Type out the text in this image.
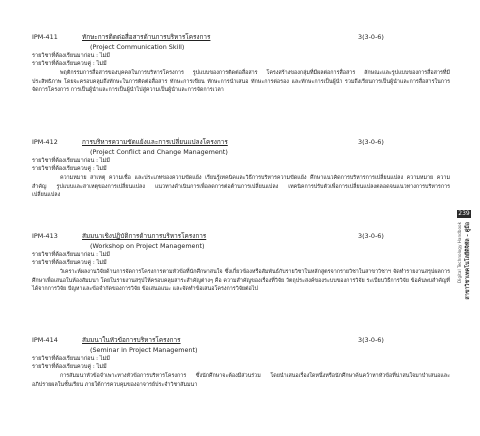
IPM-411	ทักษะการติดต่อสื่อสารด้านการบริหารโครงการ	3(3-0-6)
(Project Communication Skill)
รายวิชาที่ต้องเรียนมาก่อน : ไม่มี
รายวิชาที่ต้องเรียนควบคู่ : ไม่มี
พฤติกรรมการสื่อสารของบุคคลในการบริหารโครงการ รูปแบบของการติดต่อสื่อสาร โครงสร้างของกลุ่มที่มีผลต่อการสื่อสาร ลักษณะและรูปแบบของการสื่อสารที่มีประสิทธิภาพ โดยจะครอบคลุมถึงทักษะในการติดต่อสื่อสาร ทักษะการเขียน ทักษะการนำเสนอ ทักษะการต่อรอง และทักษะการเป็นผู้นำ รวมถึงเรียนการเป็นผู้นำและการสื่อสารในการจัดการโครงการ การเป็นผู้นำและการเป็นผู้นำไปสู่ความเป็นผู้นำและการจัดการเวลา
IPM-412	การบริหารความขัดแย้งและการเปลี่ยนแปลงโครงการ	3(3-0-6)
(Project Conflict and Change Management)
รายวิชาที่ต้องเรียนมาก่อน : ไม่มี
รายวิชาที่ต้องเรียนควบคู่ : ไม่มี
ความหมาย สาเหตุ ความเชื่อ และประเภทของความขัดแย้ง เรียนรู้เทคนิคและวิธีการบริหารความขัดแย้ง ศึกษาแนวคิดการบริหารการเปลี่ยนแปลง ความหมาย ความสำคัญ รูปแบบและสาเหตุของการเปลี่ยนแปลง แนวทางดำเนินการเพื่อลดการต่อต้านการเปลี่ยนแปลง เทคนิคการปรับตัวเพื่อการเปลี่ยนแปลงตลอดจนแนวทางการบริหารการเปลี่ยนแปลง
IPM-413	สัมมนาเชิงปฏิบัติการด้านการบริหารโครงการ	3(3-0-6)
(Workshop on Project Management)
รายวิชาที่ต้องเรียนมาก่อน : ไม่มี
รายวิชาที่ต้องเรียนควบคู่ : ไม่มี
วิเคราะห์ผลงานวิจัยด้านการจัดการโครงการตามหัวข้อที่นักศึกษาสนใจ ซึ่งเกี่ยวข้องหรือสัมพันธ์กับรายวิชาในหลักสูตรจากรายวิชาในสาขาวิชาฯ จัดทำรายงานสรุปผลการศึกษาเพื่อเสนอในห้องสัมมนา โดยในรายงานสรุปให้ครอบคลุมสาระสำคัญต่างๆ คือ ความสำคัญของเรื่องที่วิจัย วัตถุประสงค์ของระบบของการวิจัย ระเบียบวิธีการวิจัย ข้อค้นพบสำคัญที่ได้จากการวิจัย ปัญหาและข้อจำกัดของการวิจัย ข้อเสนอแนะ และจัดทำข้อเสนอโครงการวิจัยต่อไป
IPM-414	สัมมนาในหัวข้อการบริหารโครงการ	3(3-0-6)
(Seminar in Project Management)
รายวิชาที่ต้องเรียนมาก่อน : ไม่มี
รายวิชาที่ต้องเรียนควบคู่ : ไม่มี
การสัมมนาหัวข้อจำเพาะทางหัวข้อการบริหารโครงการ ซึ่งนักศึกษาจะต้องมีส่วนร่วม โดยนำเสนอเรื่องใดหนึ่งหรือนักศึกษาค้นคว้าหาหัวข้อที่น่าสนใจมาบำเสนอและอภิปรายผลในชั้นเรียน ภายใต้การควบคุมของอาจารย์ประจำวิชาสัมมนา
239
สาขาวิชาเทคโนโลยีดิจิทัล - คู่มือ
Digital Technology Handbook
